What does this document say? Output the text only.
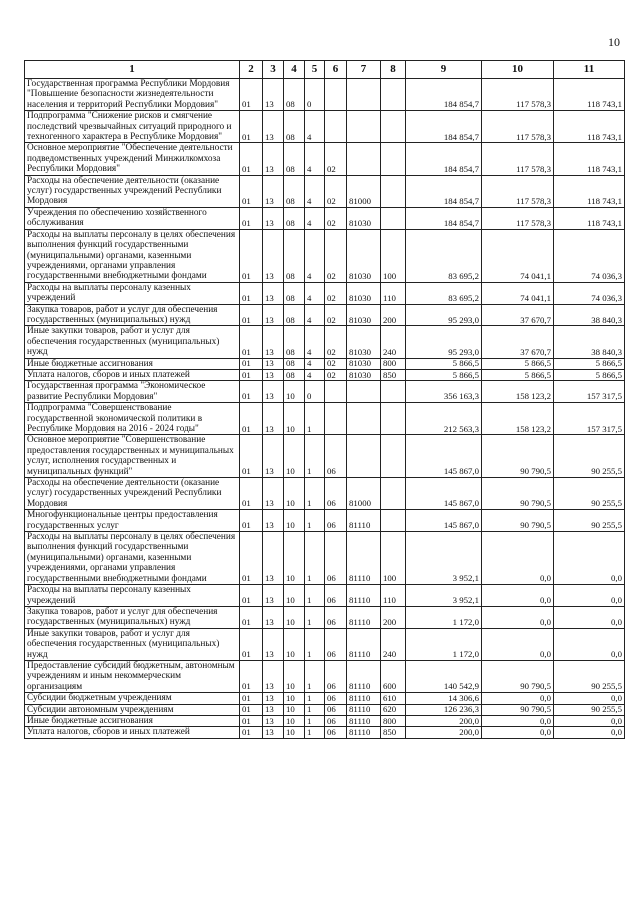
10
1	2	3	4	5	6	7	8	9	10	11
Государственная программа Республики Мордовия "Повышение безопасности жизнедеятельности населения и территорий Республики Мордовия"	01	13	08	0				184 854,7	117 578,3	118 743,1
Подпрограмма "Снижение рисков и смягчение последствий чрезвычайных ситуаций природного и техногенного характера в Республике Мордовия"	01	13	08	4				184 854,7	117 578,3	118 743,1
Основное мероприятие "Обеспечение деятельности подведомственных учреждений Минжилкомхоза Республики Мордовия"	01	13	08	4	02			184 854,7	117 578,3	118 743,1
Расходы на обеспечение деятельности (оказание услуг) государственных учреждений Республики Мордовия	01	13	08	4	02	81000		184 854,7	117 578,3	118 743,1
Учреждения по обеспечению хозяйственного обслуживания	01	13	08	4	02	81030		184 854,7	117 578,3	118 743,1
Расходы на выплаты персоналу в целях обеспечения выполнения функций государственными (муниципальными) органами, казенными учреждениями, органами управления государственными внебюджетными фондами	01	13	08	4	02	81030	100	83 695,2	74 041,1	74 036,3
Расходы на выплаты персоналу казенных учреждений	01	13	08	4	02	81030	110	83 695,2	74 041,1	74 036,3
Закупка товаров, работ и услуг для обеспечения государственных (муниципальных) нужд	01	13	08	4	02	81030	200	95 293,0	37 670,7	38 840,3
Иные закупки товаров, работ и услуг для обеспечения государственных (муниципальных) нужд	01	13	08	4	02	81030	240	95 293,0	37 670,7	38 840,3
Иные бюджетные ассигнования	01	13	08	4	02	81030	800	5 866,5	5 866,5	5 866,5
Уплата налогов, сборов и иных платежей	01	13	08	4	02	81030	850	5 866,5	5 866,5	5 866,5
Государственная программа "Экономическое развитие Республики Мордовия"	01	13	10	0				356 163,3	158 123,2	157 317,5
Подпрограмма "Совершенствование государственной экономической политики в Республике Мордовия на 2016 - 2024 годы"	01	13	10	1				212 563,3	158 123,2	157 317,5
Основное мероприятие "Совершенствование предоставления государственных и муниципальных услуг, исполнения государственных и муниципальных функций"	01	13	10	1	06			145 867,0	90 790,5	90 255,5
Расходы на обеспечение деятельности (оказание услуг) государственных учреждений Республики Мордовия	01	13	10	1	06	81000		145 867,0	90 790,5	90 255,5
Многофункциональные центры предоставления государственных услуг	01	13	10	1	06	81110		145 867,0	90 790,5	90 255,5
Расходы на выплаты персоналу в целях обеспечения выполнения функций государственными (муниципальными) органами, казенными учреждениями, органами управления государственными внебюджетными фондами	01	13	10	1	06	81110	100	3 952,1	0,0	0,0
Расходы на выплаты персоналу казенных учреждений	01	13	10	1	06	81110	110	3 952,1	0,0	0,0
Закупка товаров, работ и услуг для обеспечения государственных (муниципальных) нужд	01	13	10	1	06	81110	200	1 172,0	0,0	0,0
Иные закупки товаров, работ и услуг для обеспечения государственных (муниципальных) нужд	01	13	10	1	06	81110	240	1 172,0	0,0	0,0
Предоставление субсидий бюджетным, автономным учреждениям и иным некоммерческим организациям	01	13	10	1	06	81110	600	140 542,9	90 790,5	90 255,5
Субсидии бюджетным учреждениям	01	13	10	1	06	81110	610	14 306,6	0,0	0,0
Субсидии автономным учреждениям	01	13	10	1	06	81110	620	126 236,3	90 790,5	90 255,5
Иные бюджетные ассигнования	01	13	10	1	06	81110	800	200,0	0,0	0,0
Уплата налогов, сборов и иных платежей	01	13	10	1	06	81110	850	200,0	0,0	0,0
